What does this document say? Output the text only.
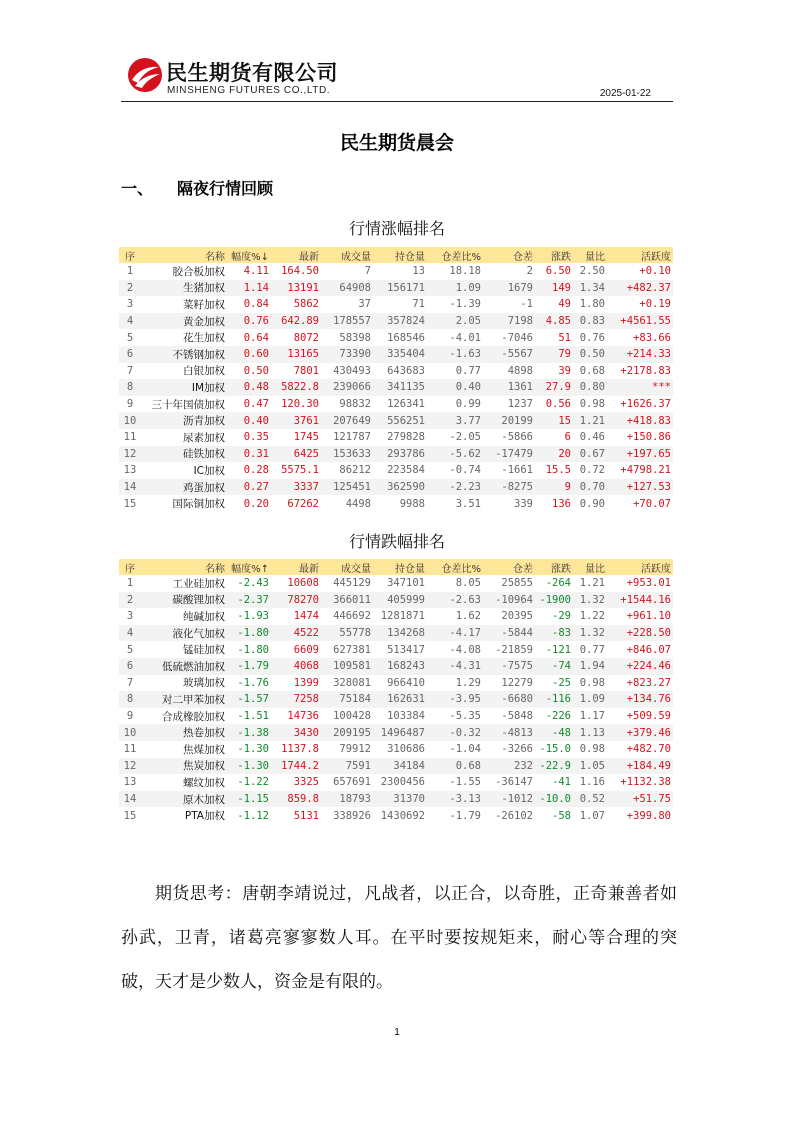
民生期货有限公司
MINSHENG FUTURES CO.,LTD.	2025-01-22
民生期货晨会
一、 隔夜行情回顾
行情涨幅排名
序	名称	幅度%↓	最新	成交量	持仓量	仓差比%	仓差	涨跌	量比	活跃度
1	胶合板加权	4.11	164.50	7	13	18.18	2	6.50	2.50	+0.10
2	生猪加权	1.14	13191	64908	156171	1.09	1679	149	1.34	+482.37
3	菜籽加权	0.84	5862	37	71	-1.39	-1	49	1.80	+0.19
4	黄金加权	0.76	642.89	178557	357824	2.05	7198	4.85	0.83	+4561.55
5	花生加权	0.64	8072	58398	168546	-4.01	-7046	51	0.76	+83.66
6	不锈钢加权	0.60	13165	73390	335404	-1.63	-5567	79	0.50	+214.33
7	白银加权	0.50	7801	430493	643683	0.77	4898	39	0.68	+2178.83
8	IM加权	0.48	5822.8	239066	341135	0.40	1361	27.9	0.80	***
9	三十年国债加权	0.47	120.30	98832	126341	0.99	1237	0.56	0.98	+1626.37
10	沥青加权	0.40	3761	207649	556251	3.77	20199	15	1.21	+418.83
11	尿素加权	0.35	1745	121787	279828	-2.05	-5866	6	0.46	+150.86
12	硅铁加权	0.31	6425	153633	293786	-5.62	-17479	20	0.67	+197.65
13	IC加权	0.28	5575.1	86212	223584	-0.74	-1661	15.5	0.72	+4798.21
14	鸡蛋加权	0.27	3337	125451	362590	-2.23	-8275	9	0.70	+127.53
15	国际铜加权	0.20	67262	4498	9988	3.51	339	136	0.90	+70.07
行情跌幅排名
序	名称	幅度%↑	最新	成交量	持仓量	仓差比%	仓差	涨跌	量比	活跃度
1	工业硅加权	-2.43	10608	445129	347101	8.05	25855	-264	1.21	+953.01
2	碳酸锂加权	-2.37	78270	366011	405999	-2.63	-10964	-1900	1.32	+1544.16
3	纯碱加权	-1.93	1474	446692	1281871	1.62	20395	-29	1.22	+961.10
4	液化气加权	-1.80	4522	55778	134268	-4.17	-5844	-83	1.32	+228.50
5	锰硅加权	-1.80	6609	627381	513417	-4.08	-21859	-121	0.77	+846.07
6	低硫燃油加权	-1.79	4068	109581	168243	-4.31	-7575	-74	1.94	+224.46
7	玻璃加权	-1.76	1399	328081	966410	1.29	12279	-25	0.98	+823.27
8	对二甲苯加权	-1.57	7258	75184	162631	-3.95	-6680	-116	1.09	+134.76
9	合成橡胶加权	-1.51	14736	100428	103384	-5.35	-5848	-226	1.17	+509.59
10	热卷加权	-1.38	3430	209195	1496487	-0.32	-4813	-48	1.13	+379.46
11	焦煤加权	-1.30	1137.8	79912	310686	-1.04	-3266	-15.0	0.98	+482.70
12	焦炭加权	-1.30	1744.2	7591	34184	0.68	232	-22.9	1.05	+184.49
13	螺纹加权	-1.22	3325	657691	2300456	-1.55	-36147	-41	1.16	+1132.38
14	原木加权	-1.15	859.8	18793	31370	-3.13	-1012	-10.0	0.52	+51.75
15	PTA加权	-1.12	5131	338926	1430692	-1.79	-26102	-58	1.07	+399.80
期货思考：唐朝李靖说过，凡战者，以正合，以奇胜，正奇兼善者如孙武，卫青，诸葛亮寥寥数人耳。在平时要按规矩来，耐心等合理的突破，天才是少数人，资金是有限的。
1
